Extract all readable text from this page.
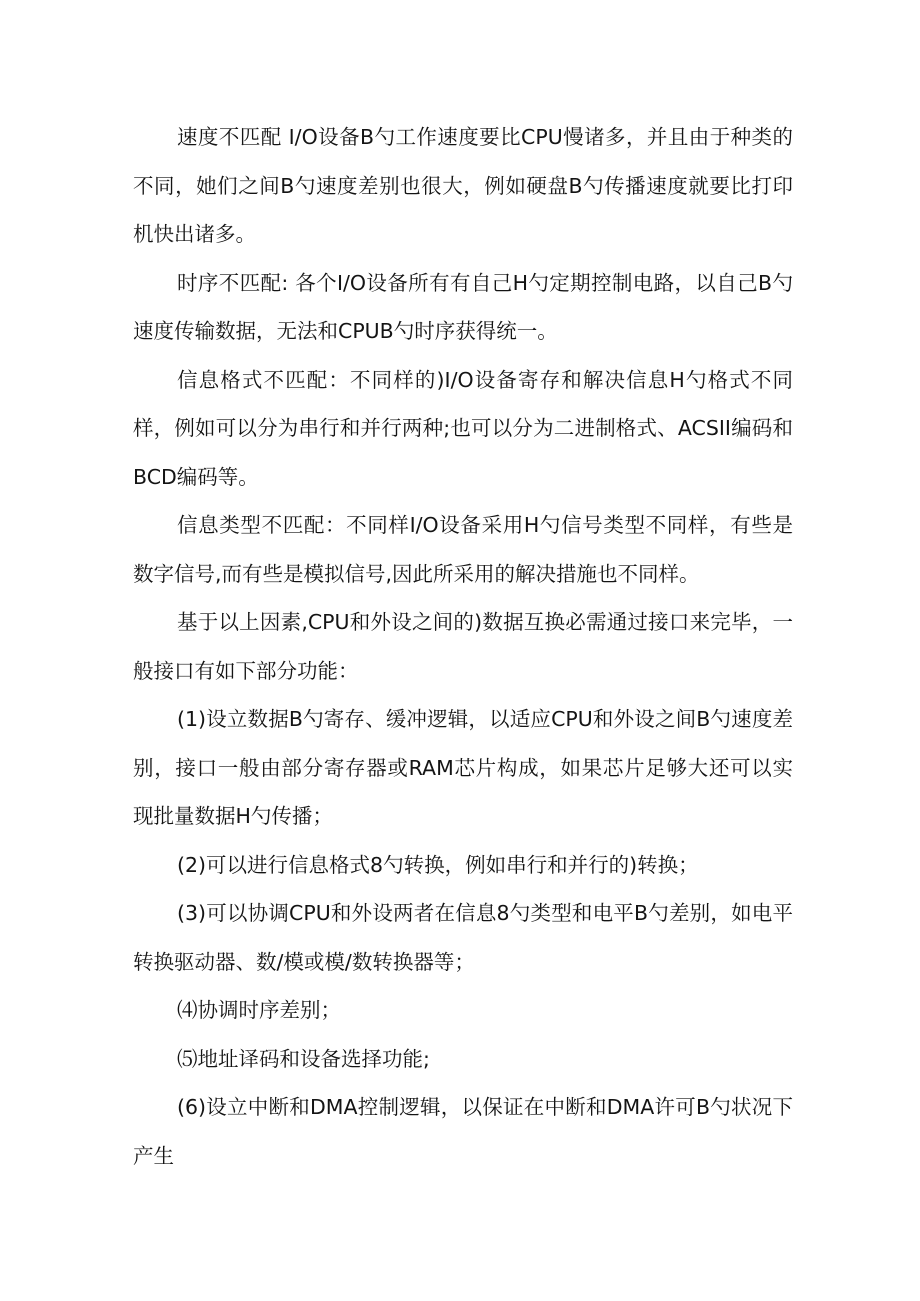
速度不匹配 I/O设备B勺工作速度要比CPU慢诸多，并且由于种类的不同，她们之间B勺速度差别也很大，例如硬盘B勺传播速度就要比打印机快出诸多。

时序不匹配: 各个I/O设备所有有自己H勺定期控制电路，以自己B勺速度传输数据，无法和CPUB勺时序获得统一。

信息格式不匹配：不同样的)I/O设备寄存和解决信息H勺格式不同样，例如可以分为串行和并行两种;也可以分为二进制格式、ACSII编码和BCD编码等。

信息类型不匹配：不同样I/O设备采用H勺信号类型不同样，有些是数字信号,而有些是模拟信号,因此所采用的解决措施也不同样。

基于以上因素,CPU和外设之间的)数据互换必需通过接口来完毕，一般接口有如下部分功能：

(1)设立数据B勺寄存、缓冲逻辑，以适应CPU和外设之间B勺速度差别，接口一般由部分寄存器或RAM芯片构成，如果芯片足够大还可以实现批量数据H勺传播；

(2)可以进行信息格式8勺转换，例如串行和并行的)转换；

(3)可以协调CPU和外设两者在信息8勺类型和电平B勺差别，如电平转换驱动器、数/模或模/数转换器等；

⑷协调时序差别；

⑸地址译码和设备选择功能;

(6)设立中断和DMA控制逻辑，以保证在中断和DMA许可B勺状况下产生
